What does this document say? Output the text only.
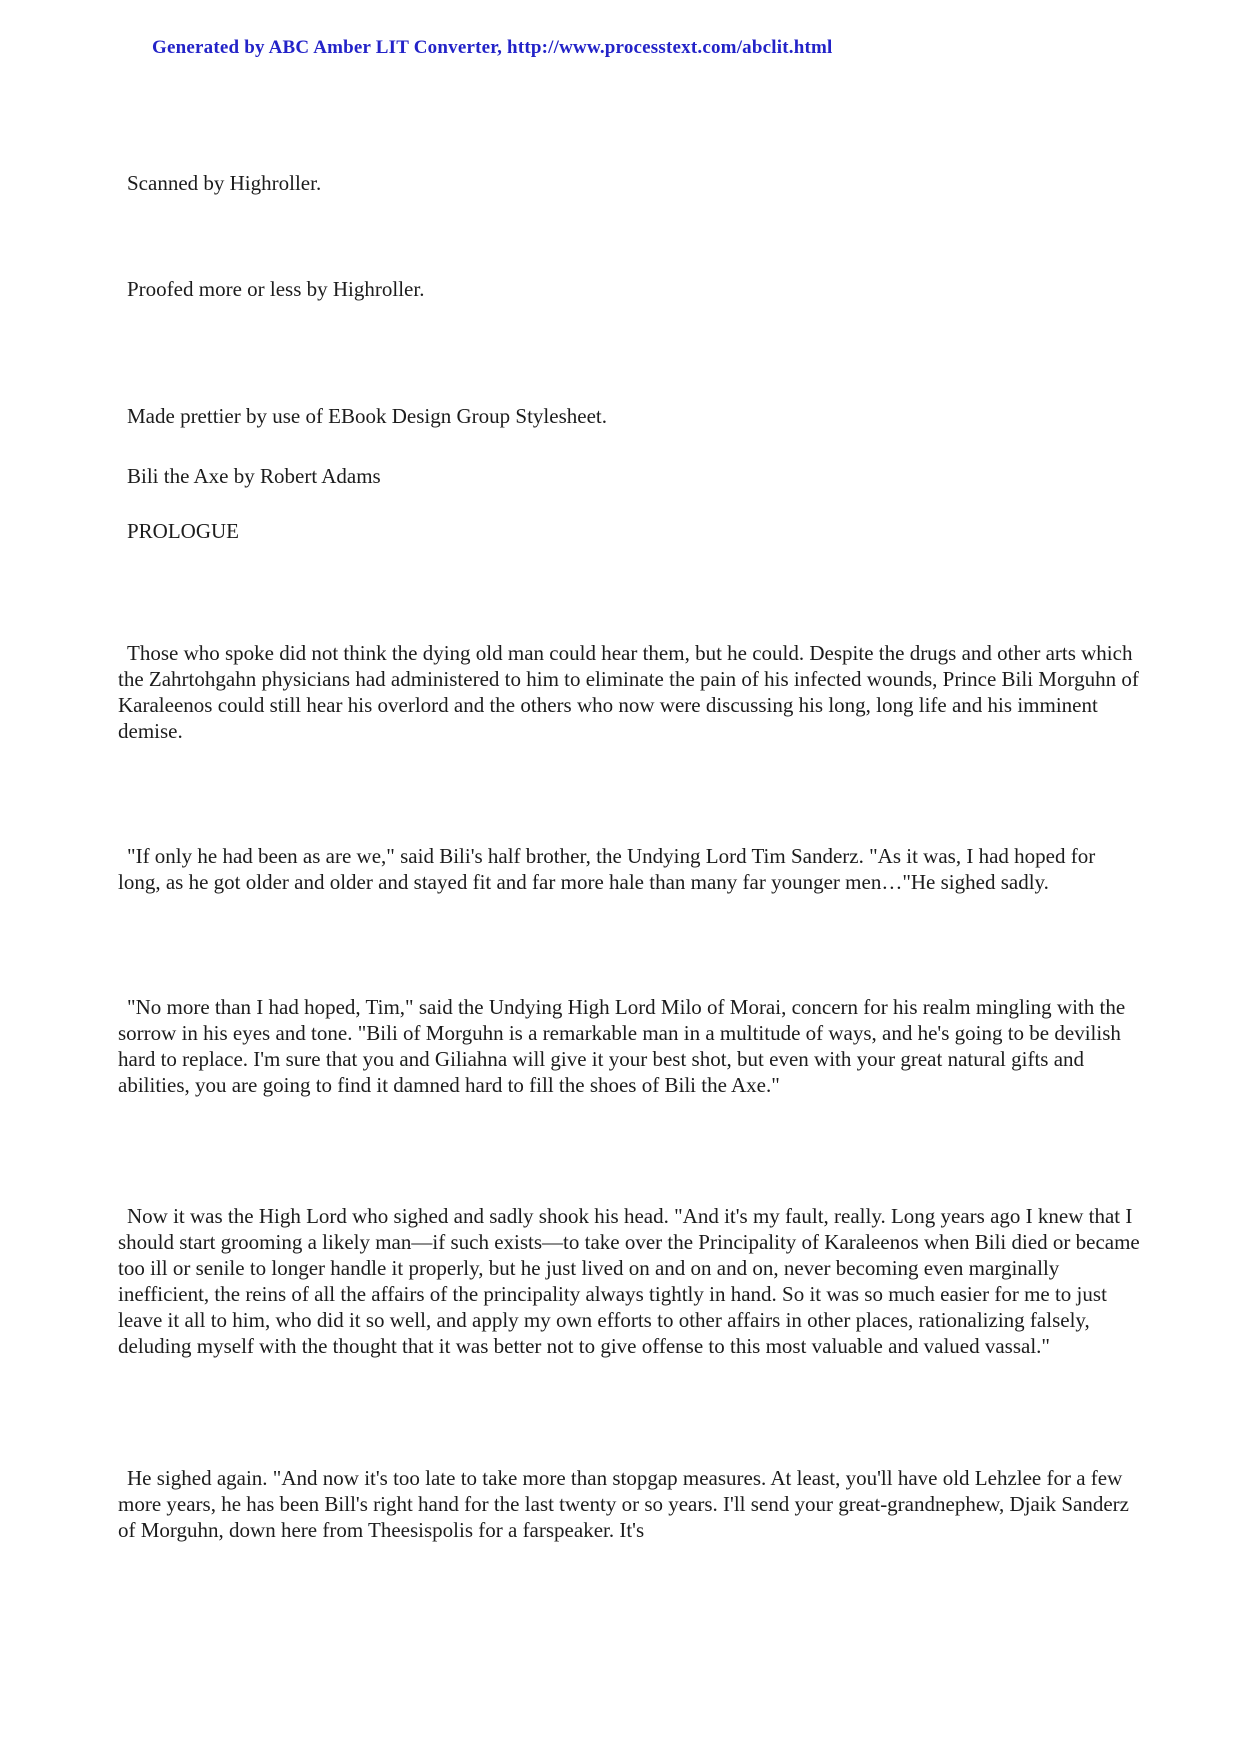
Generated by ABC Amber LIT Converter, http://www.processtext.com/abclit.html
Scanned by Highroller.
Proofed more or less by Highroller.
Made prettier by use of EBook Design Group Stylesheet.
Bili the Axe by Robert Adams
PROLOGUE
Those who spoke did not think the dying old man could hear them, but he could. Despite the drugs and other arts which the Zahrtohgahn physicians had administered to him to eliminate the pain of his infected wounds, Prince Bili Morguhn of Karaleenos could still hear his overlord and the others who now were discussing his long, long life and his imminent demise.
"If only he had been as are we," said Bili's half brother, the Undying Lord Tim Sanderz. "As it was, I had hoped for long, as he got older and older and stayed fit and far more hale than many far younger men…"He sighed sadly.
"No more than I had hoped, Tim," said the Undying High Lord Milo of Morai, concern for his realm mingling with the sorrow in his eyes and tone. "Bili of Morguhn is a remarkable man in a multitude of ways, and he's going to be devilish hard to replace. I'm sure that you and Giliahna will give it your best shot, but even with your great natural gifts and abilities, you are going to find it damned hard to fill the shoes of Bili the Axe."
Now it was the High Lord who sighed and sadly shook his head. "And it's my fault, really. Long years ago I knew that I should start grooming a likely man—if such exists—to take over the Principality of Karaleenos when Bili died or became too ill or senile to longer handle it properly, but he just lived on and on and on, never becoming even marginally inefficient, the reins of all the affairs of the principality always tightly in hand. So it was so much easier for me to just leave it all to him, who did it so well, and apply my own efforts to other affairs in other places, rationalizing falsely, deluding myself with the thought that it was better not to give offense to this most valuable and valued vassal."
He sighed again. "And now it's too late to take more than stopgap measures. At least, you'll have old Lehzlee for a few more years, he has been Bill's right hand for the last twenty or so years. I'll send your great-grandnephew, Djaik Sanderz of Morguhn, down here from Theesispolis for a farspeaker. It's
